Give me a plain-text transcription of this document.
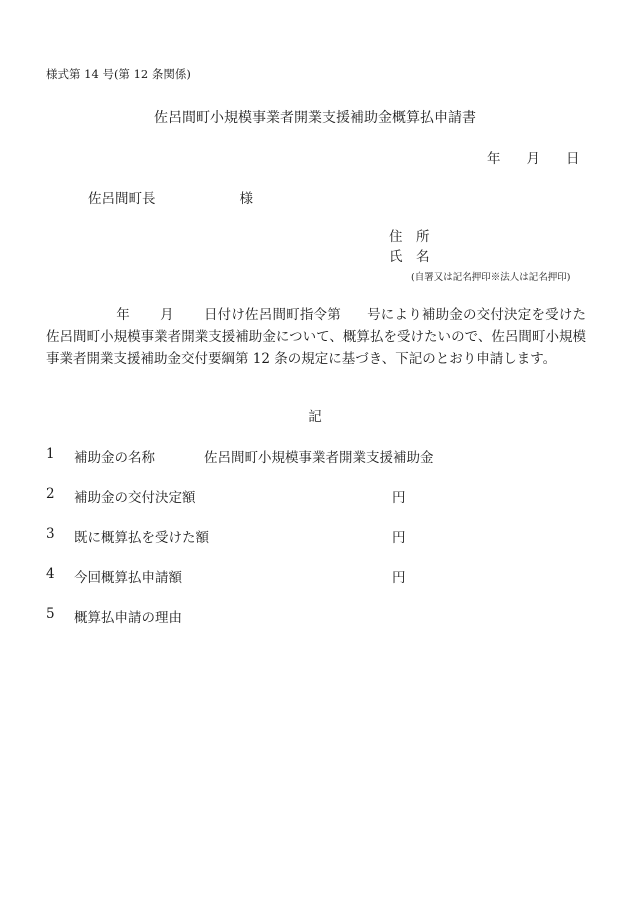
様式第 14 号(第 12 条関係)
佐呂間町小規模事業者開業支援補助金概算払申請書
年 月 日
佐呂間町長	様
住　所
氏　名
(自署又は記名押印※法人は記名押印)
年 月 日付け佐呂間町指令第 号により補助金の交付決定を受けた佐呂間町小規模事業者開業支援補助金について、概算払を受けたいので、佐呂間町小規模事業者開業支援補助金交付要綱第 12 条の規定に基づき、下記のとおり申請します。
記
1	補助金の名称	佐呂間町小規模事業者開業支援補助金
2	補助金の交付決定額	円
3	既に概算払を受けた額	円
4	今回概算払申請額	円
5	概算払申請の理由
